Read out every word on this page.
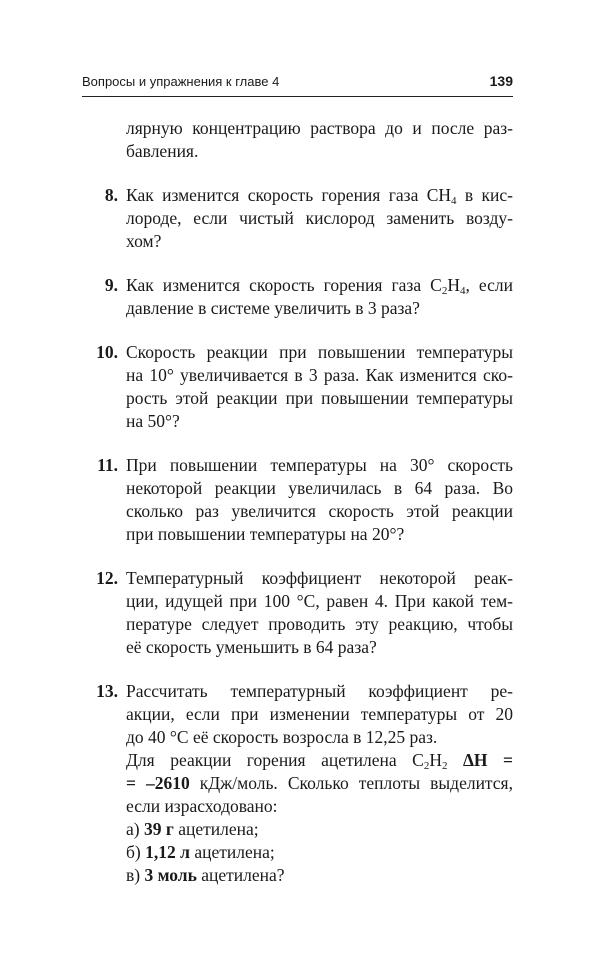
Вопросы и упражнения к главе 4	139
лярную концентрацию раствора до и после раз-
бавления.
8. Как изменится скорость горения газа $CH_4$ в кис-
лороде, если чистый кислород заменить возду-
хом?
9. Как изменится скорость горения газа $C_2H_4$, если
давление в системе увеличить в 3 раза?
10. Скорость реакции при повышении температуры
на 10° увеличивается в 3 раза. Как изменится ско-
рость этой реакции при повышении температуры
на 50°?
11. При повышении температуры на 30° скорость
некоторой реакции увеличилась в 64 раза. Во
сколько раз увеличится скорость этой реакции
при повышении температуры на 20°?
12. Температурный коэффициент некоторой реак-
ции, идущей при 100 °C, равен 4. При какой тем-
пературе следует проводить эту реакцию, чтобы
её скорость уменьшить в 64 раза?
13. Рассчитать температурный коэффициент ре-
акции, если при изменении температуры от 20
до 40 °C её скорость возросла в 12,25 раз.
Для реакции горения ацетилена $C_2H_2$ ΔH =
= –2610 кДж/моль. Сколько теплоты выделится,
если израсходовано:
а) 39 г ацетилена;
б) 1,12 л ацетилена;
в) 3 моль ацетилена?
